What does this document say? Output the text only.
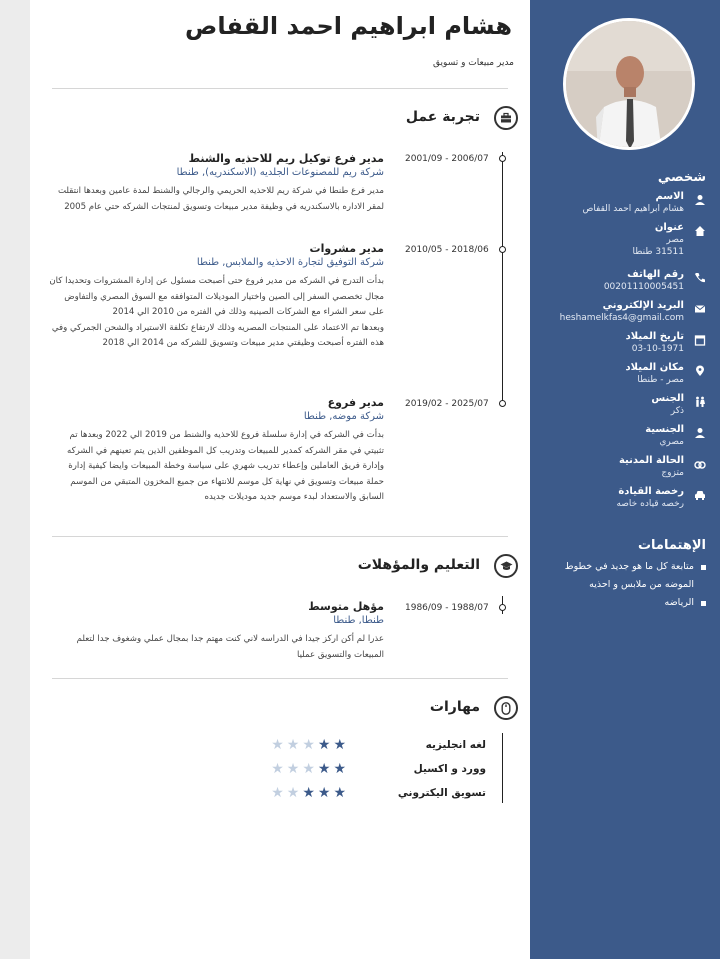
شخصي
الاسم
هشام ابراهيم احمد القفاص
عنوان
مصر
31511 طنطا
رقم الهاتف
00201110005451
البريد الإلكتروني
heshamelkfas4@gmail.com
تاريخ الميلاد
03-10-1971
مكان الميلاد
مصر - طنطا
الجنس
ذكر
الجنسية
مصري
الحالة المدنية
متزوج
رخصة القيادة
رخصه قياده خاصه
الإهتمامات
متابعة كل ما هو جديد في خطوط الموضه من ملابس و احذيه
الرياضه
هشام ابراهيم احمد القفاص
مدير مبيعات و تسويق
تجربة عمل
2001/09 - 2006/07
مدير فرع توكيل ريم للاحذيه والشنط
شركة ريم للمصنوعات الجلديه (الاسكندريه), طنطا
مدير فرع طنطا في شركة ريم للاحذيه الحريمي والرجالي والشنط لمدة عامين وبعدها انتقلت لمقر الاداره بالاسكندريه في وظيفة مدير مبيعات وتسويق لمنتجات الشركه حتي عام 2005
2010/05 - 2018/06
مدير مشروات
شركة التوفيق لتجارة الاحذيه والملابس, طنطا
بدأت التدرج في الشركه من مدير فروع حتى أصبحت مسئول عن إدارة المشتروات وتحديدا كان مجال تخصصي السفر إلى الصين واختيار الموديلات المتوافقه مع السوق المصري والتفاوض على سعر الشراء مع الشركات الصينيه وذلك في الفتره من 2010 الي 2014
وبعدها تم الاعتماد على المنتجات المصريه وذلك لارتفاع تكلفة الاستيراد والشحن الجمركي وفي هذه الفتره أصبحت وظيفتي مدير مبيعات وتسويق للشركه من 2014 الي 2018
2019/02 - 2025/07
مدير فروع
شركة موضه, طنطا
بدأت في الشركه في إدارة سلسلة فروع للاحذيه والشنط من 2019 الي 2022 وبعدها تم تثبيتي في مقر الشركه كمدير للمبيعات وتدريب كل الموظفين الذين يتم تعينهم في الشركه وإدارة فريق العاملين وإعطاء تدريب شهري على سياسة وخطة المبيعات وايضا كيفية إدارة حملة مبيعات وتسويق في نهاية كل موسم للانتهاء من جميع المخزون المتبقي من الموسم السابق والاستعداد لبدء موسم جديد موديلات جديده
التعليم والمؤهلات
1986/09 - 1988/07
مؤهل متوسط
طنطا, طنطا
عذرا لم أكن اركز جيدا في الدراسه لاني كنت مهتم جدا بمجال عملي وشغوف جدا لتعلم المبيعات والتسويق عمليا
مهارات
لغه انجليزيه
★
★
★
★
★
وورد و اكسيل
★
★
★
★
★
تسويق اليكتروني
★
★
★
★
★
